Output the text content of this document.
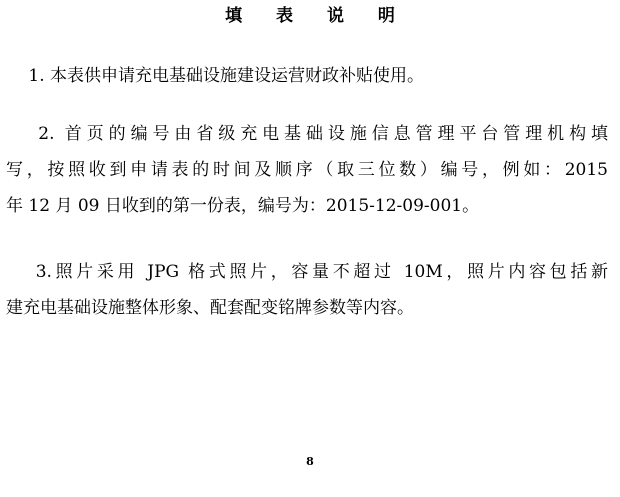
填 表 说 明
　 1. 本表供申请充电基础设施建设运营财政补贴使用。
　 2. 首页的编号由省级充电基础设施信息管理平台管理机构填
写，按照收到申请表的时间及顺序（取三位数）编号，例如：2015
年 12 月 09 日收到的第一份表，编号为：2015-12-09-001。
　 3.照片采用 JPG 格式照片，容量不超过 10M，照片内容包括新
建充电基础设施整体形象、配套配变铭牌参数等内容。
8
